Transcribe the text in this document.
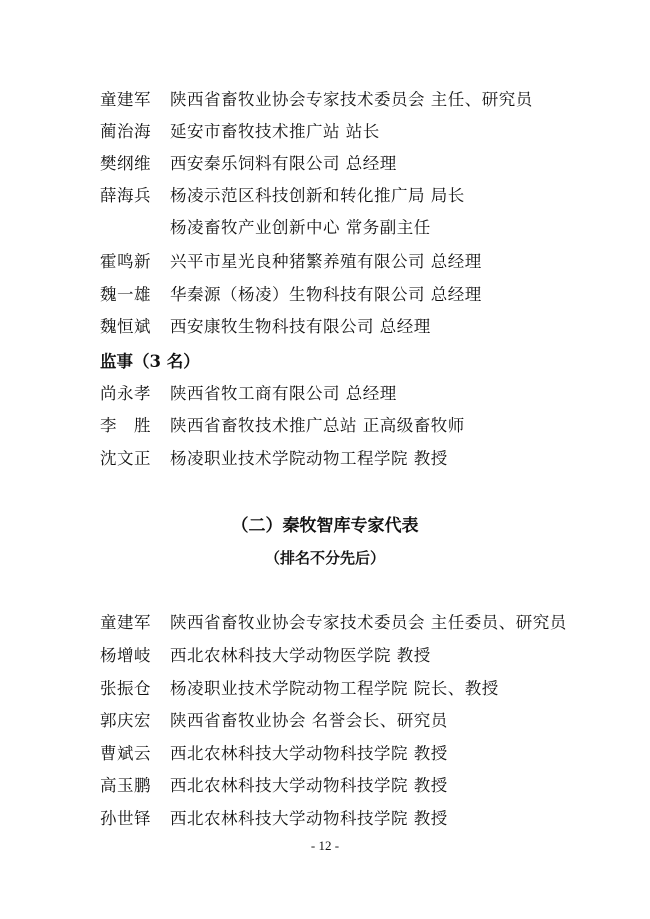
童建军 陕西省畜牧业协会专家技术委员会 主任、研究员
蔺治海 延安市畜牧技术推广站 站长
樊纲维 西安秦乐饲料有限公司 总经理
薛海兵 杨凌示范区科技创新和转化推广局 局长
杨凌畜牧产业创新中心 常务副主任
霍鸣新 兴平市星光良种猪繁养殖有限公司 总经理
魏一雄 华秦源（杨凌）生物科技有限公司 总经理
魏恒斌 西安康牧生物科技有限公司 总经理
监事（3 名）
尚永孝 陕西省牧工商有限公司 总经理
李　胜 陕西省畜牧技术推广总站 正高级畜牧师
沈文正 杨凌职业技术学院动物工程学院 教授
（二）秦牧智库专家代表
（排名不分先后）
童建军 陕西省畜牧业协会专家技术委员会 主任委员、研究员
杨增岐 西北农林科技大学动物医学院 教授
张振仓 杨凌职业技术学院动物工程学院 院长、教授
郭庆宏 陕西省畜牧业协会 名誉会长、研究员
曹斌云 西北农林科技大学动物科技学院 教授
高玉鹏 西北农林科技大学动物科技学院 教授
孙世铎 西北农林科技大学动物科技学院 教授
- 12 -
